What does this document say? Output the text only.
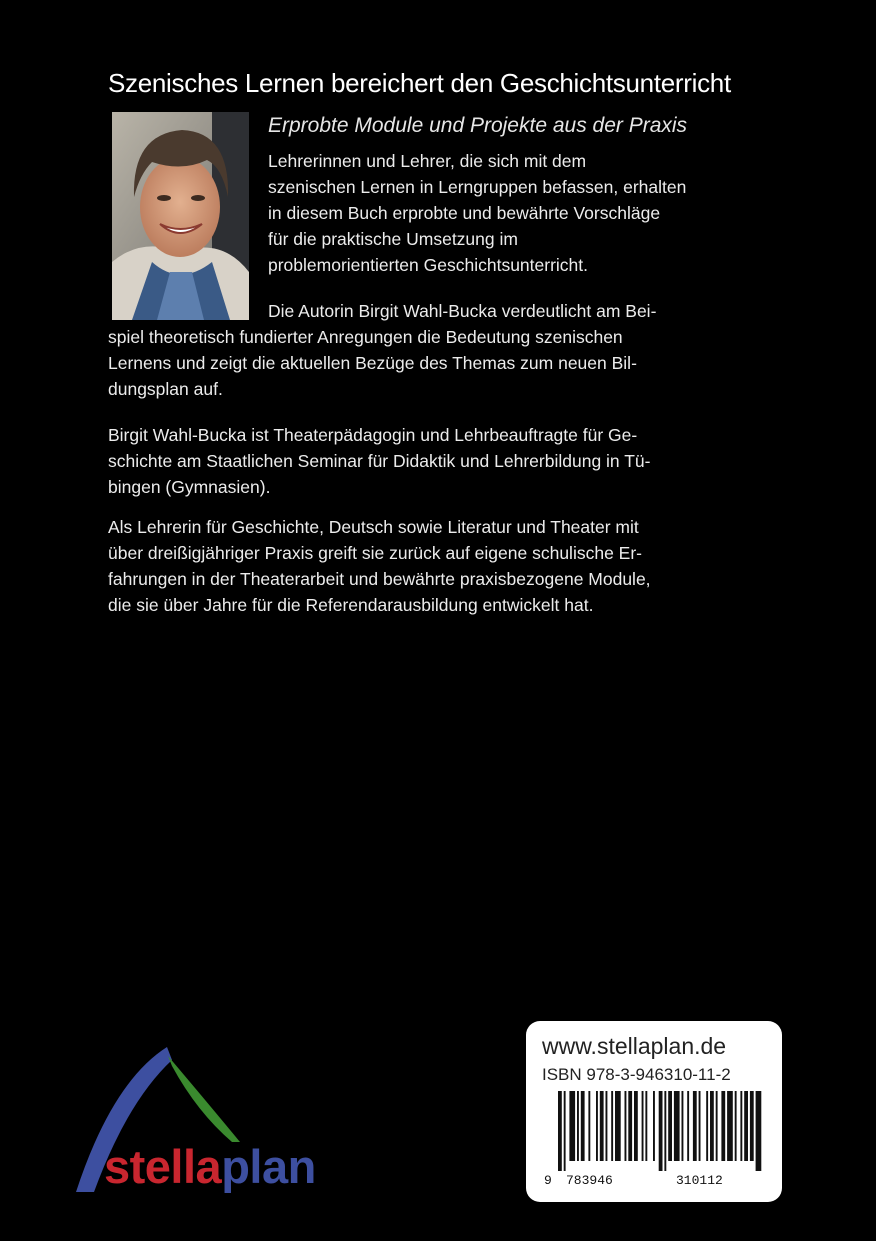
Szenisches Lernen bereichert den Geschichtsunterricht
Erprobte Module und Projekte aus der Praxis
Lehrerinnen und Lehrer, die sich mit dem
szenischen Lernen in Lerngruppen befassen, erhalten
in diesem Buch erprobte und bewährte Vorschläge
für die praktische Umsetzung im
problemorientierten Geschichtsunterricht.
Die Autorin Birgit Wahl-Bucka verdeutlicht am Bei-
spiel theoretisch fundierter Anregungen die Bedeutung szenischen
Lernens und zeigt die aktuellen Bezüge des Themas zum neuen Bil-
dungsplan auf.
Birgit Wahl-Bucka ist Theaterpädagogin und Lehrbeauftragte für Ge-
schichte am Staatlichen Seminar für Didaktik und Lehrerbildung in Tü-
bingen (Gymnasien).
Als Lehrerin für Geschichte, Deutsch sowie Literatur und Theater mit
über dreißigjähriger Praxis greift sie zurück auf eigene schulische Er-
fahrungen in der Theaterarbeit und bewährte praxisbezogene Module,
die sie über Jahre für die Referendarausbildung entwickelt hat.
stellaplan
www.stellaplan.de
ISBN 978-3-946310-11-2
9 783946	310112
